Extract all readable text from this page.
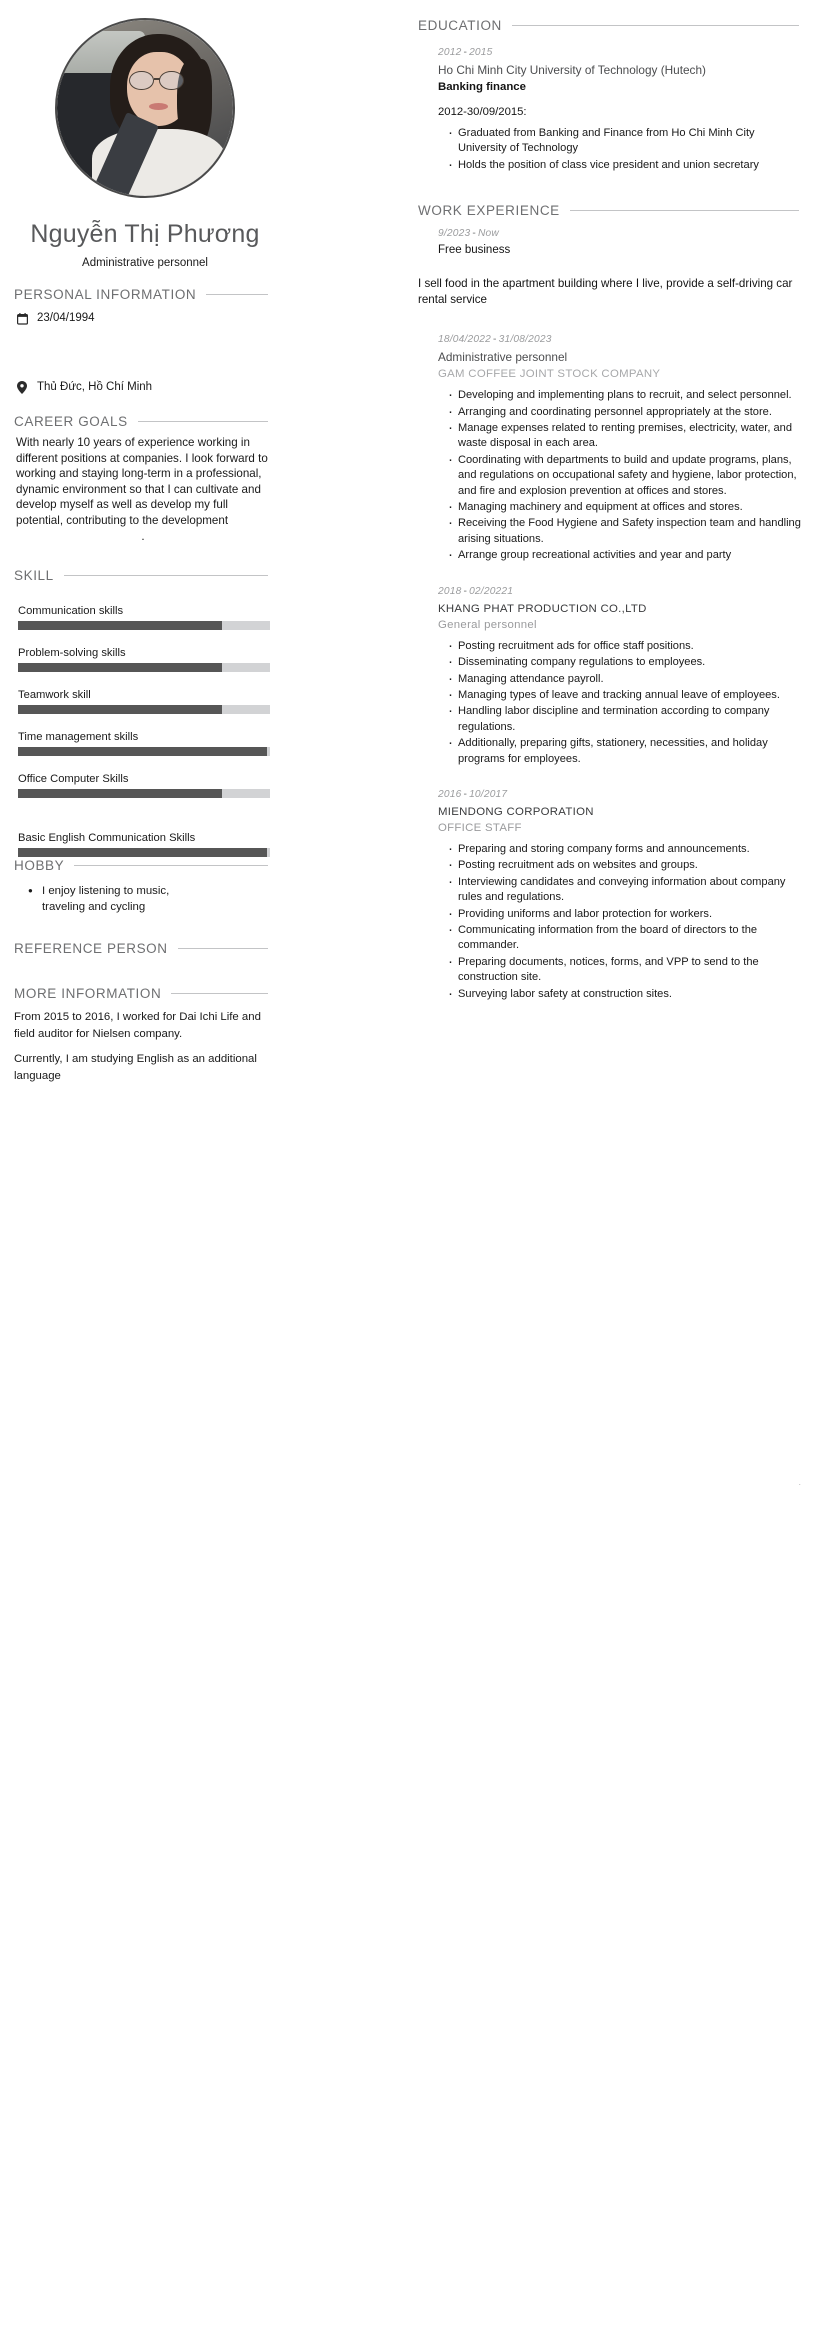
Nguyễn Thị Phương
Administrative personnel
PERSONAL INFORMATION
23/04/1994
Thủ Đức, Hồ Chí Minh
CAREER GOALS
With nearly 10 years of experience working in different positions at companies. I look forward to working and staying long-term in a professional, dynamic environment so that I can cultivate and develop myself as well as develop my full potential, contributing to the development
.
SKILL
Communication skills
Problem-solving skills
Teamwork skill
Time management skills
Office Computer Skills
Basic English Communication Skills
HOBBY
● I enjoy listening to music,
traveling and cycling
REFERENCE PERSON
MORE INFORMATION

From 2015 to 2016, I worked for Dai Ichi Life and field auditor for Nielsen company.

Currently, I am studying English as an additional language

EDUCATION
2012 - 2015
Ho Chi Minh City University of Technology (Hutech)
Banking finance
2012-30/09/2015:
· Graduated from Banking and Finance from Ho Chi Minh City University of Technology
· Holds the position of class vice president and union secretary
WORK EXPERIENCE
9/2023 - Now
Free business
I sell food in the apartment building where I live, provide a self-driving car rental service
18/04/2022 - 31/08/2023
Administrative personnel
GAM COFFEE JOINT STOCK COMPANY
· Developing and implementing plans to recruit, and select personnel.
· Arranging and coordinating personnel appropriately at the store.
· Manage expenses related to renting premises, electricity, water, and waste disposal in each area.
· Coordinating with departments to build and update programs, plans, and regulations on occupational safety and hygiene, labor protection, and fire and explosion prevention at offices and stores.
· Managing machinery and equipment at offices and stores.
· Receiving the Food Hygiene and Safety inspection team and handling arising situations.
· Arrange group recreational activities and year and party
2018 - 02/20221
KHANG PHAT PRODUCTION CO.,LTD
General personnel
· Posting recruitment ads for office staff positions.
· Disseminating company regulations to employees.
· Managing attendance payroll.
· Managing types of leave and tracking annual leave of employees.
· Handling labor discipline and termination according to company regulations.
· Additionally, preparing gifts, stationery, necessities, and holiday programs for employees.
2016 - 10/2017
MIENDONG CORPORATION
OFFICE STAFF
· Preparing and storing company forms and announcements.
· Posting recruitment ads on websites and groups.
· Interviewing candidates and conveying information about company rules and regulations.
· Providing uniforms and labor protection for workers.
· Communicating information from the board of directors to the commander.
· Preparing documents, notices, forms, and VPP to send to the construction site.
· Surveying labor safety at construction sites.
.
